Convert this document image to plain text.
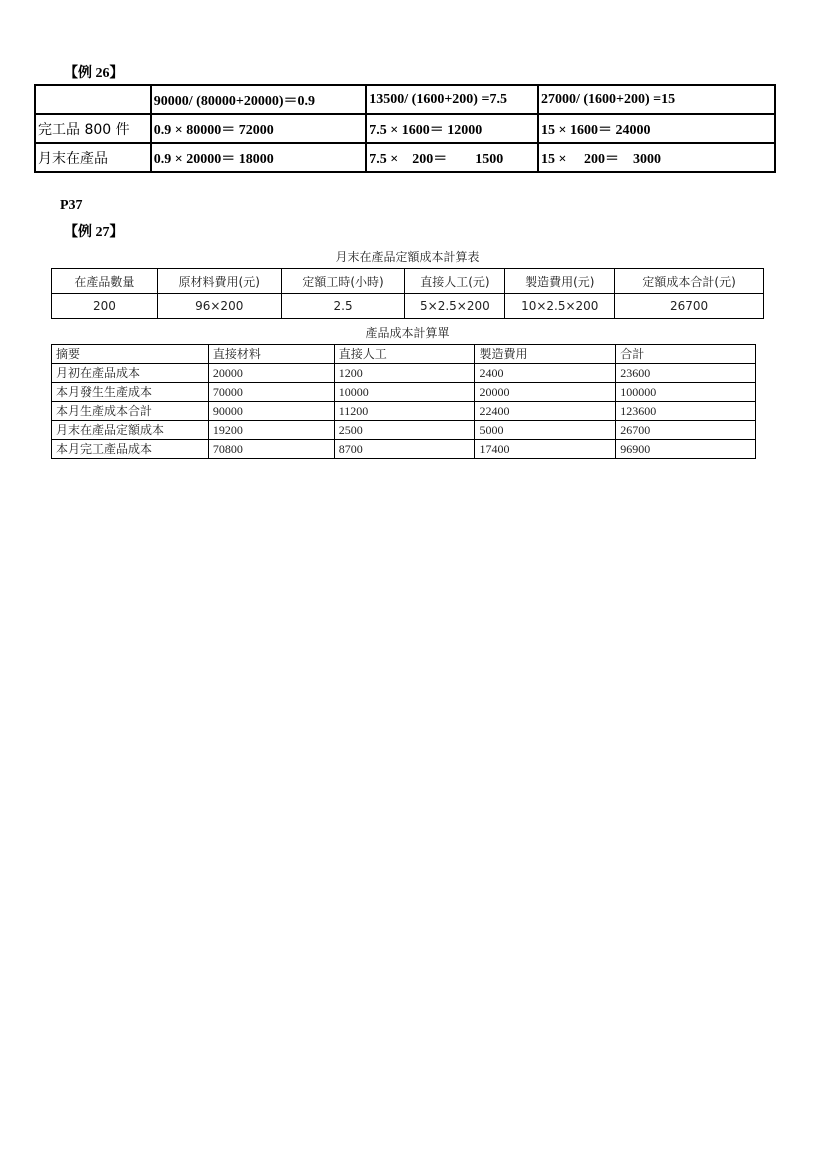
【例 26】
	90000/ (80000+20000)＝0.9	13500/ (1600+200) =7.5	27000/ (1600+200) =15
完工品 800 件	0.9 × 80000＝ 72000	7.5 × 1600＝ 12000	15 × 1600＝ 24000
月末在產品	0.9 × 20000＝ 18000	7.5 ×　200＝　　1500	15 ×　 200＝　3000
P37
【例 27】
月末在產品定額成本計算表
在產品數量	原材料費用(元)	定額工時(小時)	直接人工(元)	製造費用(元)	定額成本合計(元)
200	96×200	2.5	5×2.5×200	10×2.5×200	26700
產品成本計算單
摘要	直接材料	直接人工	製造費用	合計
月初在產品成本	20000	1200	2400	23600
本月發生生產成本	70000	10000	20000	100000
本月生產成本合計	90000	11200	22400	123600
月末在產品定額成本	19200	2500	5000	26700
本月完工產品成本	70800	8700	17400	96900
